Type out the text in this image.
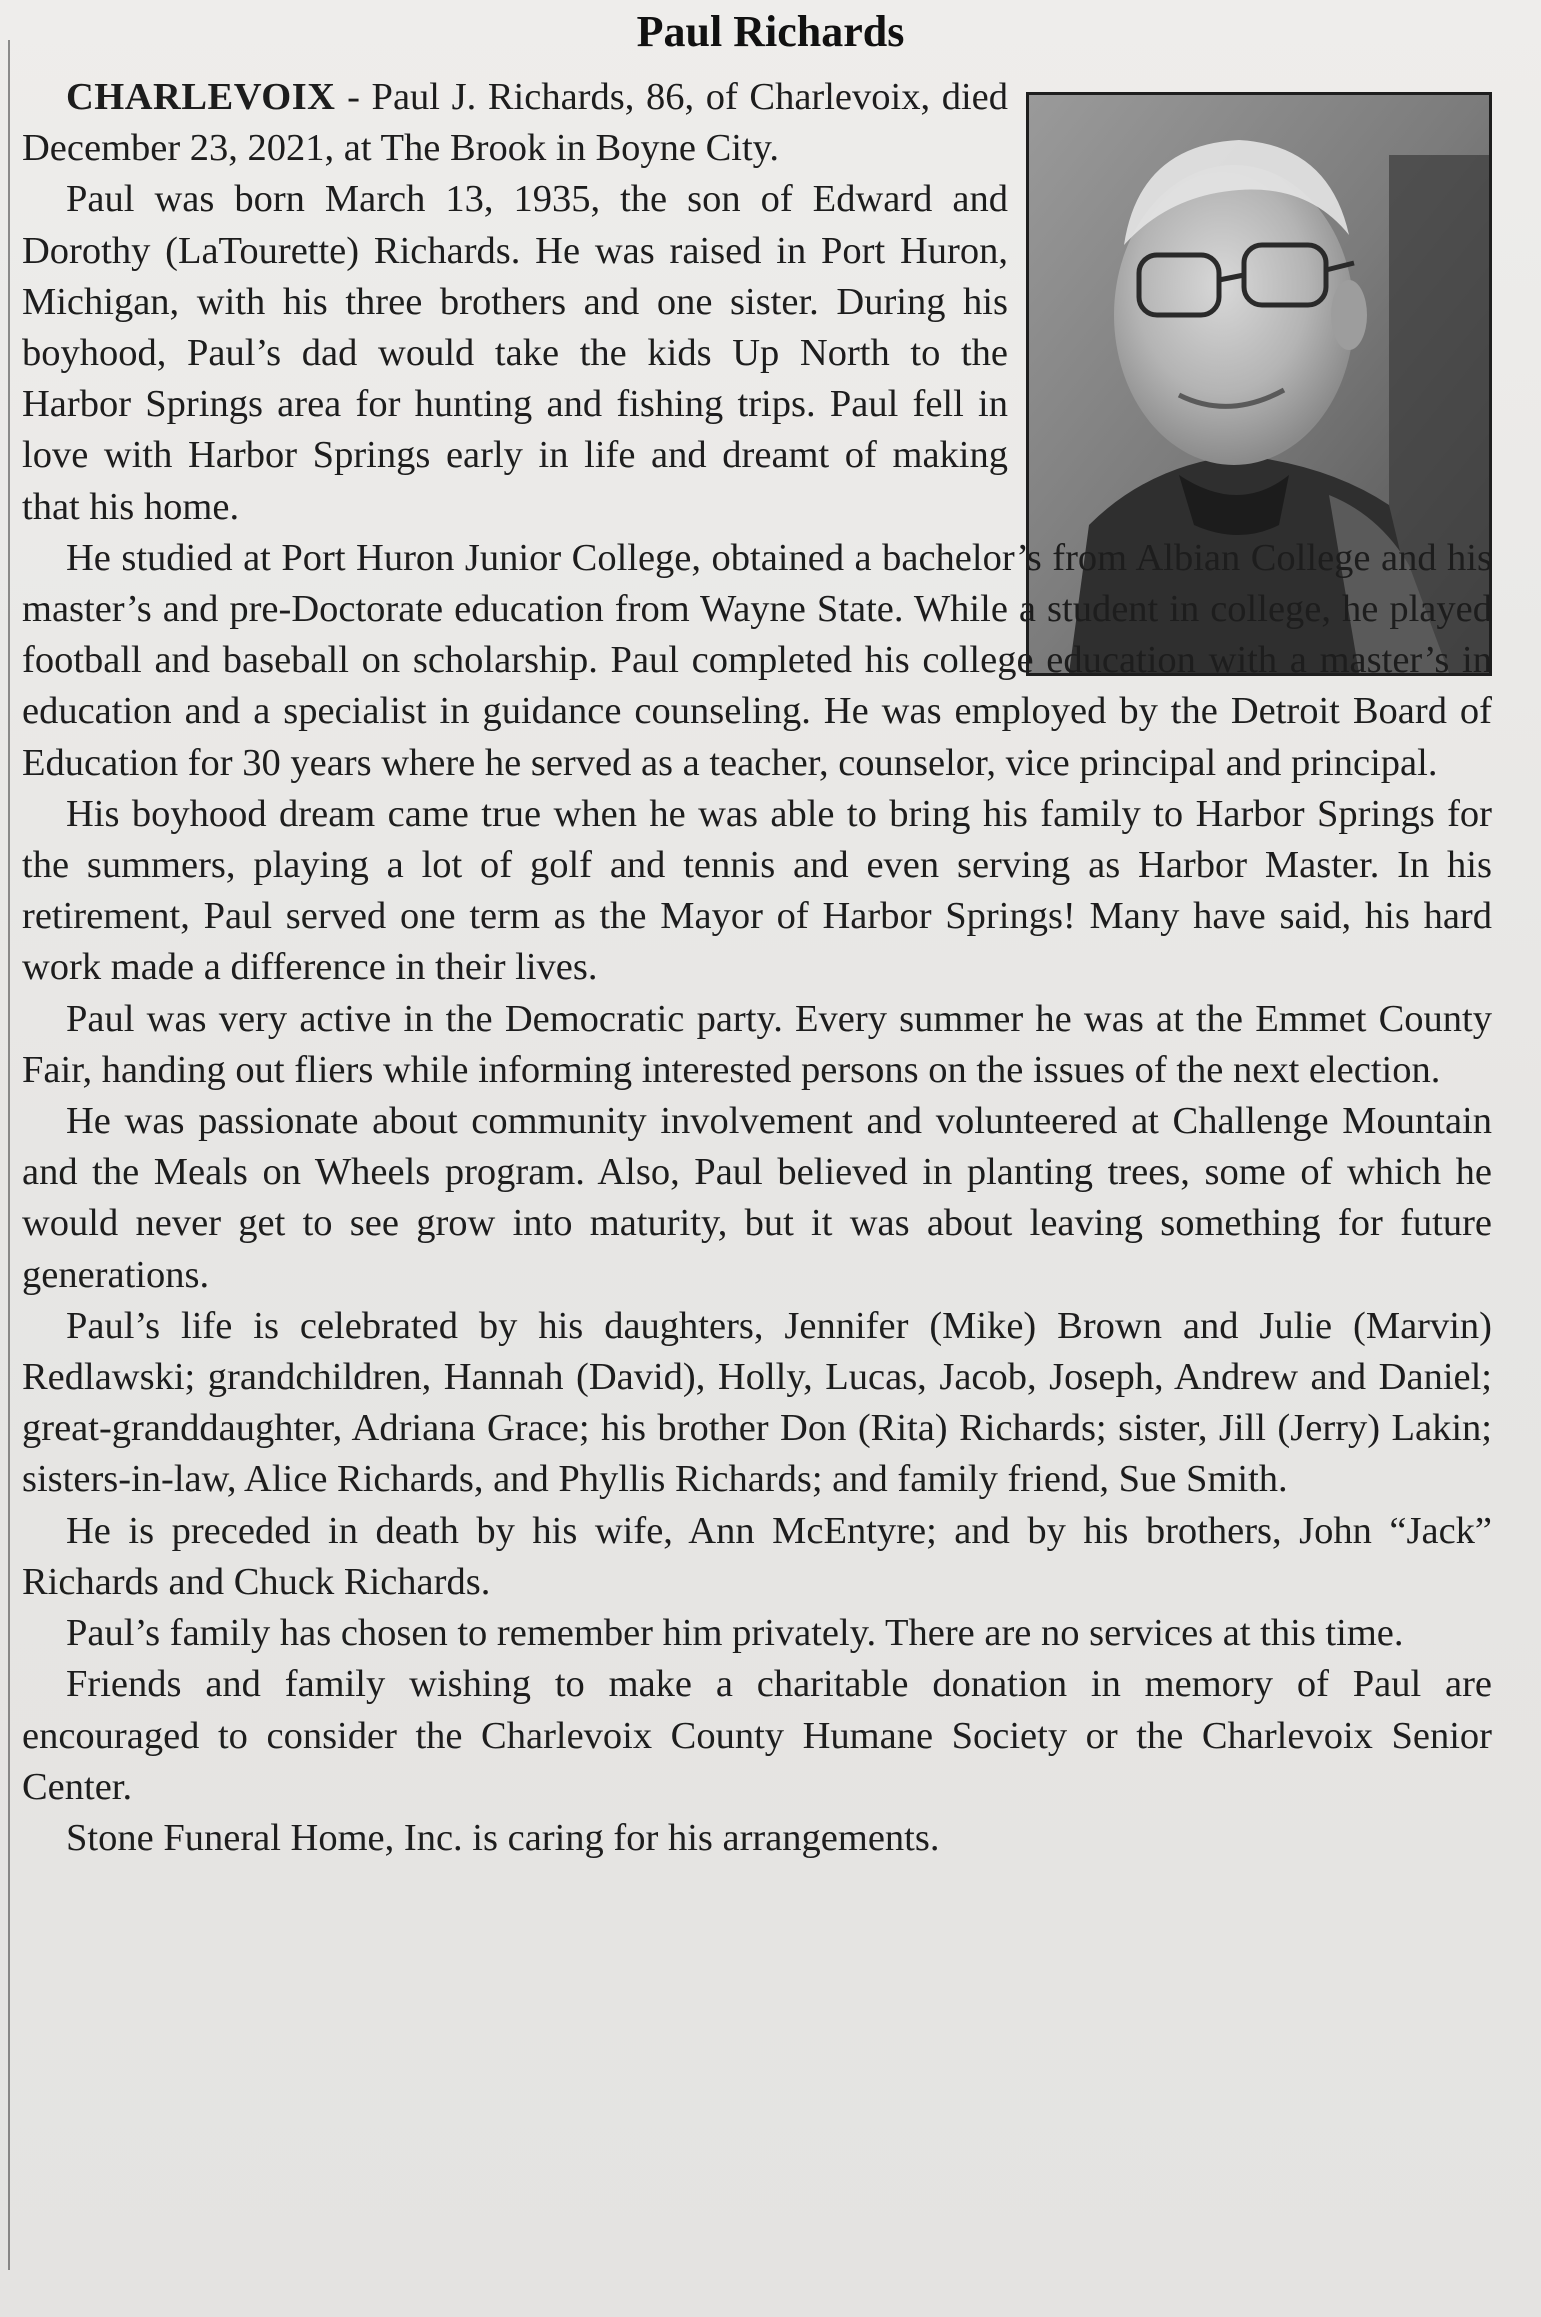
Paul Richards

CHARLEVOIX - Paul J. Richards, 86, of Charlevoix, died December 23, 2021, at The Brook in Boyne City.

Paul was born March 13, 1935, the son of Edward and Dorothy (LaTourette) Richards. He was raised in Port Huron, Michigan, with his three brothers and one sister. During his boyhood, Paul’s dad would take the kids Up North to the Harbor Springs area for hunting and fishing trips. Paul fell in love with Harbor Springs early in life and dreamt of making that his home.

He studied at Port Huron Junior College, obtained a bachelor’s from Albian College and his master’s and pre-Doctorate education from Wayne State. While a student in college, he played football and baseball on scholarship. Paul completed his college education with a master’s in education and a specialist in guidance counseling. He was employed by the Detroit Board of Education for 30 years where he served as a teacher, counselor, vice principal and principal.

His boyhood dream came true when he was able to bring his family to Harbor Springs for the summers, playing a lot of golf and tennis and even serving as Harbor Master. In his retirement, Paul served one term as the Mayor of Harbor Springs! Many have said, his hard work made a difference in their lives.

Paul was very active in the Democratic party. Every summer he was at the Emmet County Fair, handing out fliers while informing interested persons on the issues of the next election.

He was passionate about community involvement and volunteered at Challenge Mountain and the Meals on Wheels program. Also, Paul believed in planting trees, some of which he would never get to see grow into maturity, but it was about leaving something for future generations.

Paul’s life is celebrated by his daughters, Jennifer (Mike) Brown and Julie (Marvin) Redlawski; grandchildren, Hannah (David), Holly, Lucas, Jacob, Joseph, Andrew and Daniel; great-granddaughter, Adriana Grace; his brother Don (Rita) Richards; sister, Jill (Jerry) Lakin; sisters-in-law, Alice Richards, and Phyllis Richards; and family friend, Sue Smith.

He is preceded in death by his wife, Ann McEntyre; and by his brothers, John “Jack” Richards and Chuck Richards.

Paul’s family has chosen to remember him privately. There are no services at this time.

Friends and family wishing to make a charitable donation in memory of Paul are encouraged to consider the Charlevoix County Humane Society or the Charlevoix Senior Center.

Stone Funeral Home, Inc. is caring for his arrangements.
